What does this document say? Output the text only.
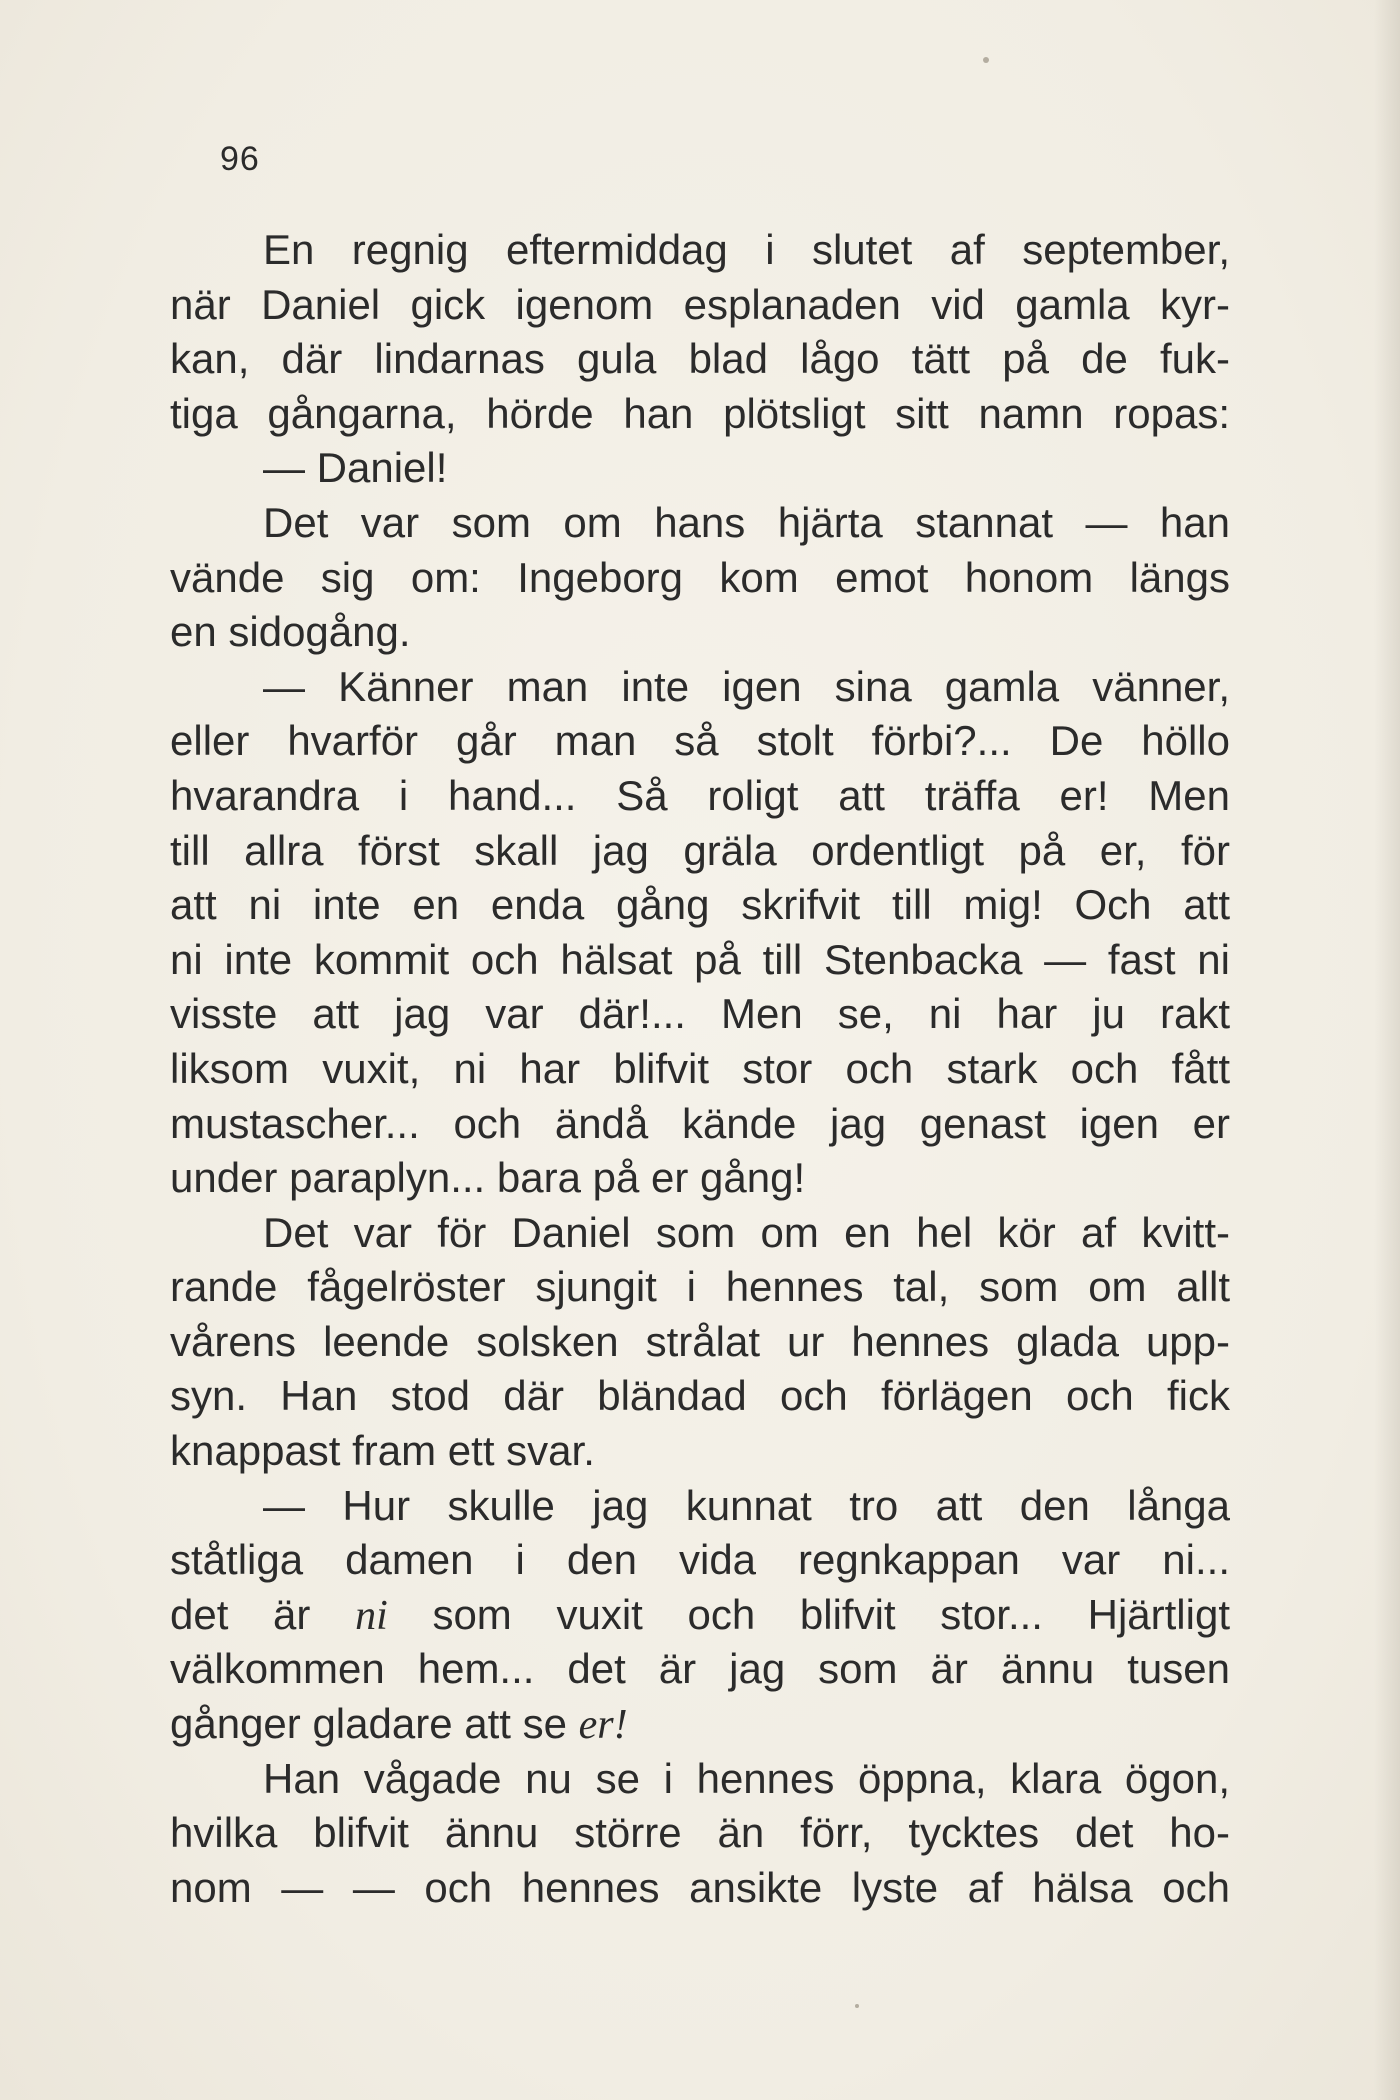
96
En regnig eftermiddag i slutet af september,
när Daniel gick igenom esplanaden vid gamla kyr-
kan, där lindarnas gula blad lågo tätt på de fuk-
tiga gångarna, hörde han plötsligt sitt namn ropas:
— Daniel!
Det var som om hans hjärta stannat — han
vände sig om: Ingeborg kom emot honom längs
en sidogång.
— Känner man inte igen sina gamla vänner,
eller hvarför går man så stolt förbi?... De höllo
hvarandra i hand... Så roligt att träffa er! Men
till allra först skall jag gräla ordentligt på er, för
att ni inte en enda gång skrifvit till mig! Och att
ni inte kommit och hälsat på till Stenbacka — fast ni
visste att jag var där!... Men se, ni har ju rakt
liksom vuxit, ni har blifvit stor och stark och fått
mustascher... och ändå kände jag genast igen er
under paraplyn... bara på er gång!
Det var för Daniel som om en hel kör af kvitt-
rande fågelröster sjungit i hennes tal, som om allt
vårens leende solsken strålat ur hennes glada upp-
syn. Han stod där bländad och förlägen och fick
knappast fram ett svar.
— Hur skulle jag kunnat tro att den långa
ståtliga damen i den vida regnkappan var ni...
det är ni som vuxit och blifvit stor... Hjärtligt
välkommen hem... det är jag som är ännu tusen
gånger gladare att se er!
Han vågade nu se i hennes öppna, klara ögon,
hvilka blifvit ännu större än förr, tycktes det ho-
nom — — och hennes ansikte lyste af hälsa och
